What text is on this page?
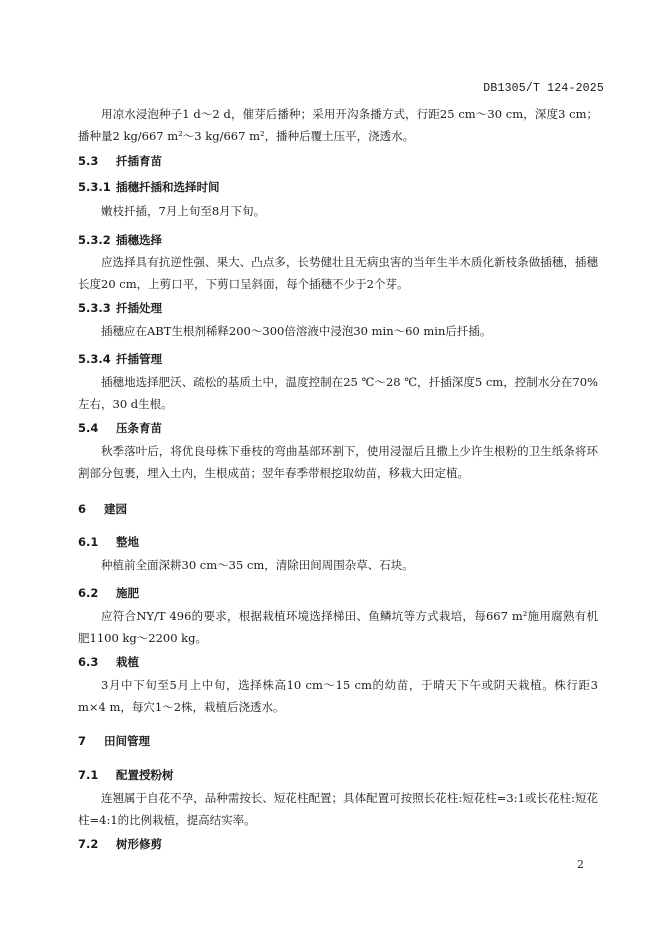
DB1305/T 124-2025

用凉水浸泡种子1 d～2 d，催芽后播种；采用开沟条播方式，行距25 cm～30 cm，深度3 cm；播种量2 kg/667 m²～3 kg/667 m²，播种后覆土压平，浇透水。

5.3 扦插育苗
5.3.1 插穗扦插和选择时间

嫩枝扦插，7月上旬至8月下旬。

5.3.2 插穗选择

应选择具有抗逆性强、果大、凸点多，长势健壮且无病虫害的当年生半木质化新枝条做插穗，插穗长度20 cm，上剪口平，下剪口呈斜面，每个插穗不少于2个芽。

5.3.3 扦插处理

插穗应在ABT生根剂稀释200～300倍溶液中浸泡30 min～60 min后扦插。

5.3.4 扦插管理

插穗地选择肥沃、疏松的基质土中，温度控制在25 ℃～28 ℃，扦插深度5 cm，控制水分在70%左右，30 d生根。

5.4 压条育苗

秋季落叶后，将优良母株下垂枝的弯曲基部环割下，使用浸湿后且撒上少许生根粉的卫生纸条将环割部分包裹，埋入土内，生根成苗；翌年春季带根挖取幼苗，移栽大田定植。

6 建园
6.1 整地

种植前全面深耕30 cm～35 cm，清除田间周围杂草、石块。

6.2 施肥

应符合NY/T 496的要求，根据栽植环境选择梯田、鱼鳞坑等方式栽培，每667 m²施用腐熟有机肥1100 kg～2200 kg。

6.3 栽植

3月中下旬至5月上中旬，选择株高10 cm～15 cm的幼苗，于晴天下午或阴天栽植。株行距3 m×4 m，每穴1～2株，栽植后浇透水。

7 田间管理
7.1 配置授粉树

连翘属于自花不孕，品种需按长、短花柱配置；具体配置可按照长花柱:短花柱=3:1或长花柱:短花柱=4:1的比例栽植，提高结实率。

7.2 树形修剪
2
